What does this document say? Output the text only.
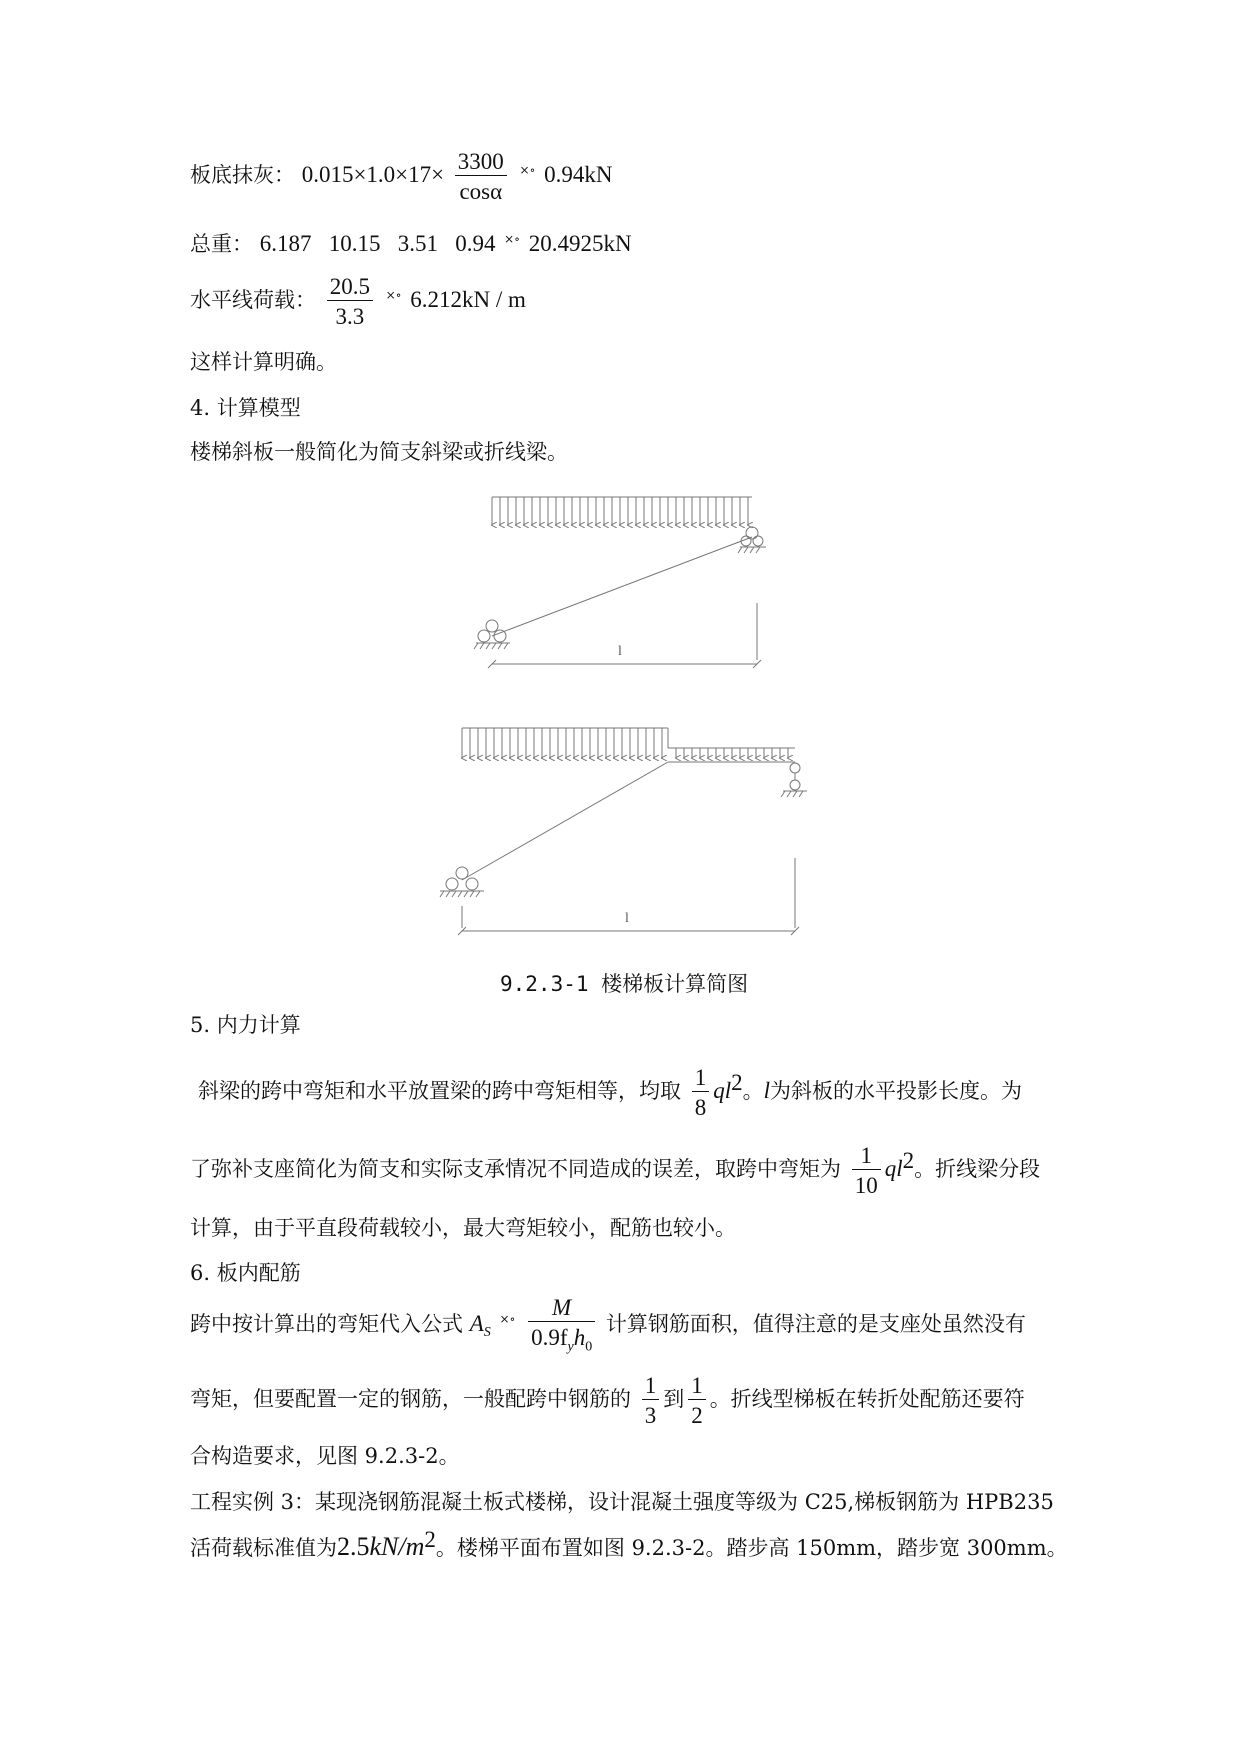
板底抹灰： $0.015\times 1.0\times 17\times \frac{3300}{\cos\alpha} ^{\times\circ}$ 0.94kN
总重： 6.187   10.15   3.51   0.94 ×∘ 20.4925kN
水平线荷载： $\frac{20.5}{3.3} ^{\times\circ}$ 6.212kN / m
这样计算明确。
4. 计算模型
楼梯斜板一般简化为简支斜梁或折线梁。
l
l
9.2.3-1 楼梯板计算简图
5. 内力计算
斜梁的跨中弯矩和水平放置梁的跨中弯矩相等，均取 $\frac{1}{8} ql^2$。l为斜板的水平投影长度。为
了弥补支座简化为简支和实际支承情况不同造成的误差，取跨中弯矩为 $\frac{1}{10} ql^2$。折线梁分段
计算，由于平直段荷载较小，最大弯矩较小，配筋也较小。
6. 板内配筋
跨中按计算出的弯矩代入公式 $A_S$ $^{\times\circ} \frac{M}{0.9f_yh_0}$ 计算钢筋面积，值得注意的是支座处虽然没有
弯矩，但要配置一定的钢筋，一般配跨中钢筋的 $\frac{1}{3}$ 到 $\frac{1}{2}$ 。折线型梯板在转折处配筋还要符
合构造要求，见图 9.2.3-2。
工程实例 3：某现浇钢筋混凝土板式楼梯，设计混凝土强度等级为 C25,梯板钢筋为 HPB235
活荷载标准值为$2.5kN/m^2$。楼梯平面布置如图 9.2.3-2。踏步高 150mm，踏步宽 300mm。
